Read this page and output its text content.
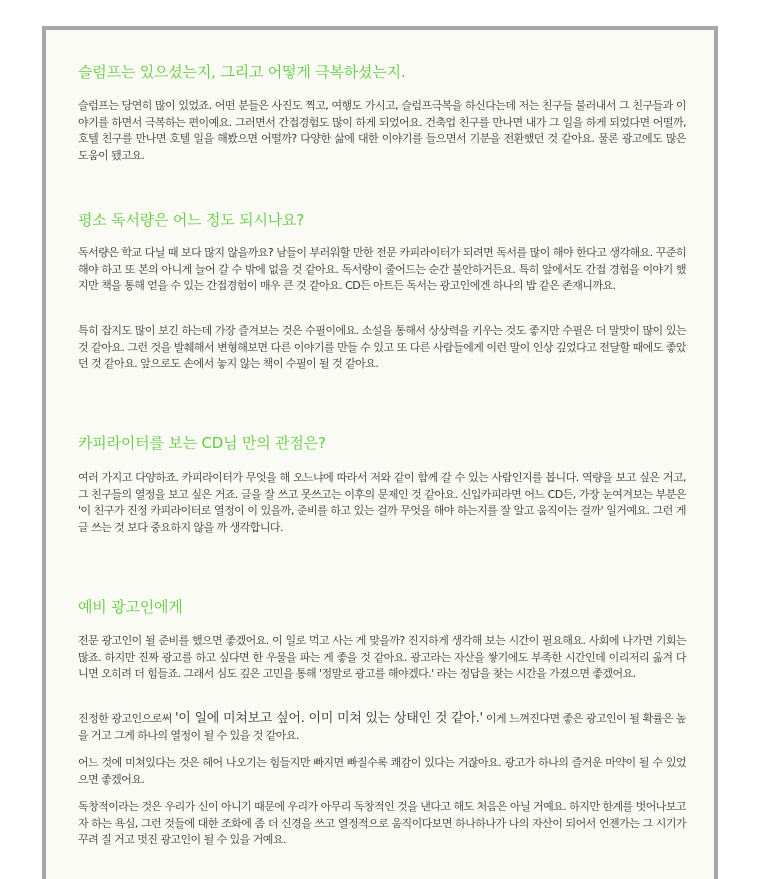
슬럼프는 있으셨는지, 그리고 어떻게 극복하셨는지.

슬럼프는 당연히 많이 있었죠. 어떤 분들은 사진도 찍고, 여행도 가시고, 슬럼프극복을 하신다는데 저는 친구들 불러내서 그 친구들과 이야기를 하면서 극복하는 편이예요. 그러면서 간접경험도 많이 하게 되었어요. 건축업 친구를 만나면 내가 그 일을 하게 되었다면 어떨까, 호텔 친구를 만나면 호텔 일을 해봤으면 어떨까? 다양한 삶에 대한 이야기를 들으면서 기분을 전환했던 것 같아요. 물론 광고에도 많은 도움이 됐고요.

평소 독서량은 어느 정도 되시나요?

독서량은 학교 다닐 때 보다 많지 않을까요? 남들이 부러워할 만한 전문 카피라이터가 되려면 독서를 많이 해야 한다고 생각해요. 꾸준히 해야 하고 또 본의 아니게 늘어 갈 수 밖에 없을 것 같아요. 독서량이 줄어드는 순간 불안하거든요. 특히 앞에서도 간접 경험을 이야기 했지만 책을 통해 얻을 수 있는 간접경험이 매우 큰 것 같아요. CD든 아트든 독서는 광고인에겐 하나의 밥 같은 존재니까요.

특히 잡지도 많이 보긴 하는데 가장 즐겨보는 것은 수필이에요. 소설을 통해서 상상력을 키우는 것도 좋지만 수필은 더 말맛이 많이 있는 것 같아요. 그런 것을 발췌해서 변형해보면 다른 이야기를 만들 수 있고 또 다른 사람들에게 이런 말이 인상 깊었다고 전달할 때에도 좋았던 것 같아요. 앞으로도 손에서 놓지 않는 책이 수필이 될 것 같아요.

카피라이터를 보는 CD님 만의 관점은?

여러 가지고 다양하죠. 카피라이터가 무엇을 해 오느냐에 따라서 저와 같이 함께 갈 수 있는 사람인지를 봅니다. 역량을 보고 싶은 거고, 그 친구들의 열정을 보고 싶은 거죠. 글을 잘 쓰고 못쓰고는 이후의 문제인 것 같아요. 신입카피라면 어느 CD든, 가장 눈여겨보는 부분은 '이 친구가 진정 카피라이터로 열정이 이 있을까, 준비를 하고 있는 걸까 무엇을 해야 하는지를 잘 알고 움직이는 걸까' 일거예요. 그런 게 글 쓰는 것 보다 중요하지 않을 까 생각합니다.

예비 광고인에게

전문 광고인이 될 준비를 했으면 좋겠어요. 이 일로 먹고 사는 게 맞을까? 진지하게 생각해 보는 시간이 필요해요. 사회에 나가면 기회는 많죠. 하지만 진짜 광고를 하고 싶다면 한 우물을 파는 게 좋을 것 같아요. 광고라는 자산을 쌓기에도 부족한 시간인데 이리저리 옮겨 다니면 오히려 더 힘들죠. 그래서 심도 깊은 고민을 통해 '정말로 광고를 해야겠다.' 라는 정답을 찾는 시간을 가졌으면 좋겠어요.

진정한 광고인으로써 '이 일에 미쳐보고 싶어. 이미 미쳐 있는 상태인 것 같아.' 이게 느껴진다면 좋은 광고인이 될 확률은 높을 거고 그게 하나의 열정이 될 수 있을 것 같아요.

어느 것에 미쳐있다는 것은 헤어 나오기는 힘들지만 빠지면 빠질수록 쾌감이 있다는 거잖아요. 광고가 하나의 즐거운 마약이 될 수 있었으면 좋겠어요.

독창적이라는 것은 우리가 신이 아니기 때문에 우리가 아무리 독창적인 것을 낸다고 해도 처음은 아닐 거예요. 하지만 한계를 벗어나보고자 하는 욕심, 그런 것들에 대한 조화에 좀 더 신경을 쓰고 열정적으로 움직이다보면 하나하나가 나의 자산이 되어서 언젠가는 그 시기가 꾸려 질 거고 멋진 광고인이 될 수 있을 거예요.
